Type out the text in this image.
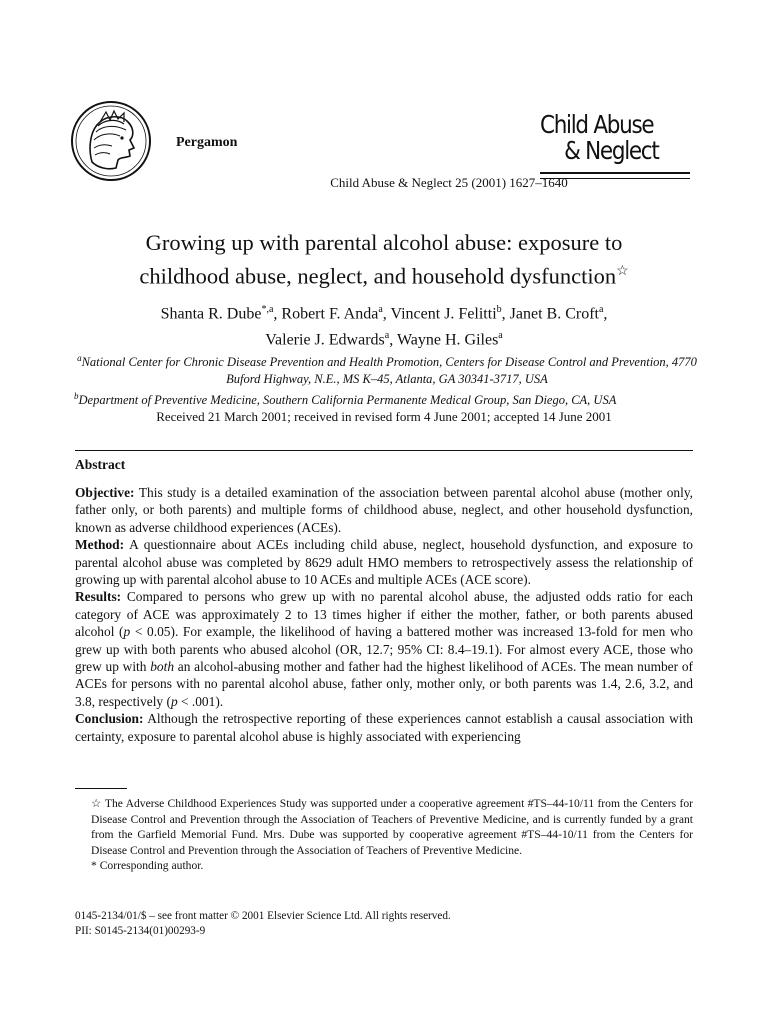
Pergamon
Child Abuse
& Neglect
Child Abuse & Neglect 25 (2001) 1627–1640
Growing up with parental alcohol abuse: exposure to
childhood abuse, neglect, and household dysfunction☆
Shanta R. Dube$^{*,a}$, Robert F. Anda$^a$, Vincent J. Felitti$^b$, Janet B. Croft$^a$,
Valerie J. Edwards$^a$, Wayne H. Giles$^a$
$^a$National Center for Chronic Disease Prevention and Health Promotion, Centers for Disease Control and Prevention, 4770 Buford Highway, N.E., MS K–45, Atlanta, GA 30341-3717, USA
$^b$Department of Preventive Medicine, Southern California Permanente Medical Group, San Diego, CA, USA
Received 21 March 2001; received in revised form 4 June 2001; accepted 14 June 2001
Abstract

Objective: This study is a detailed examination of the association between parental alcohol abuse (mother only, father only, or both parents) and multiple forms of childhood abuse, neglect, and other household dysfunction, known as adverse childhood experiences (ACEs).

Method: A questionnaire about ACEs including child abuse, neglect, household dysfunction, and exposure to parental alcohol abuse was completed by 8629 adult HMO members to retrospectively assess the relationship of growing up with parental alcohol abuse to 10 ACEs and multiple ACEs (ACE score).

Results: Compared to persons who grew up with no parental alcohol abuse, the adjusted odds ratio for each category of ACE was approximately 2 to 13 times higher if either the mother, father, or both parents abused alcohol (p < 0.05). For example, the likelihood of having a battered mother was increased 13-fold for men who grew up with both parents who abused alcohol (OR, 12.7; 95% CI: 8.4–19.1). For almost every ACE, those who grew up with both an alcohol-abusing mother and father had the highest likelihood of ACEs. The mean number of ACEs for persons with no parental alcohol abuse, father only, mother only, or both parents was 1.4, 2.6, 3.2, and 3.8, respectively (p < .001).

Conclusion: Although the retrospective reporting of these experiences cannot establish a causal association with certainty, exposure to parental alcohol abuse is highly associated with experiencing

☆ The Adverse Childhood Experiences Study was supported under a cooperative agreement #TS–44-10/11 from the Centers for Disease Control and Prevention through the Association of Teachers of Preventive Medicine, and is currently funded by a grant from the Garfield Memorial Fund. Mrs. Dube was supported by cooperative agreement #TS–44-10/11 from the Centers for Disease Control and Prevention through the Association of Teachers of Preventive Medicine.

* Corresponding author.

0145-2134/01/$ – see front matter © 2001 Elsevier Science Ltd. All rights reserved.
PII: S0145-2134(01)00293-9
